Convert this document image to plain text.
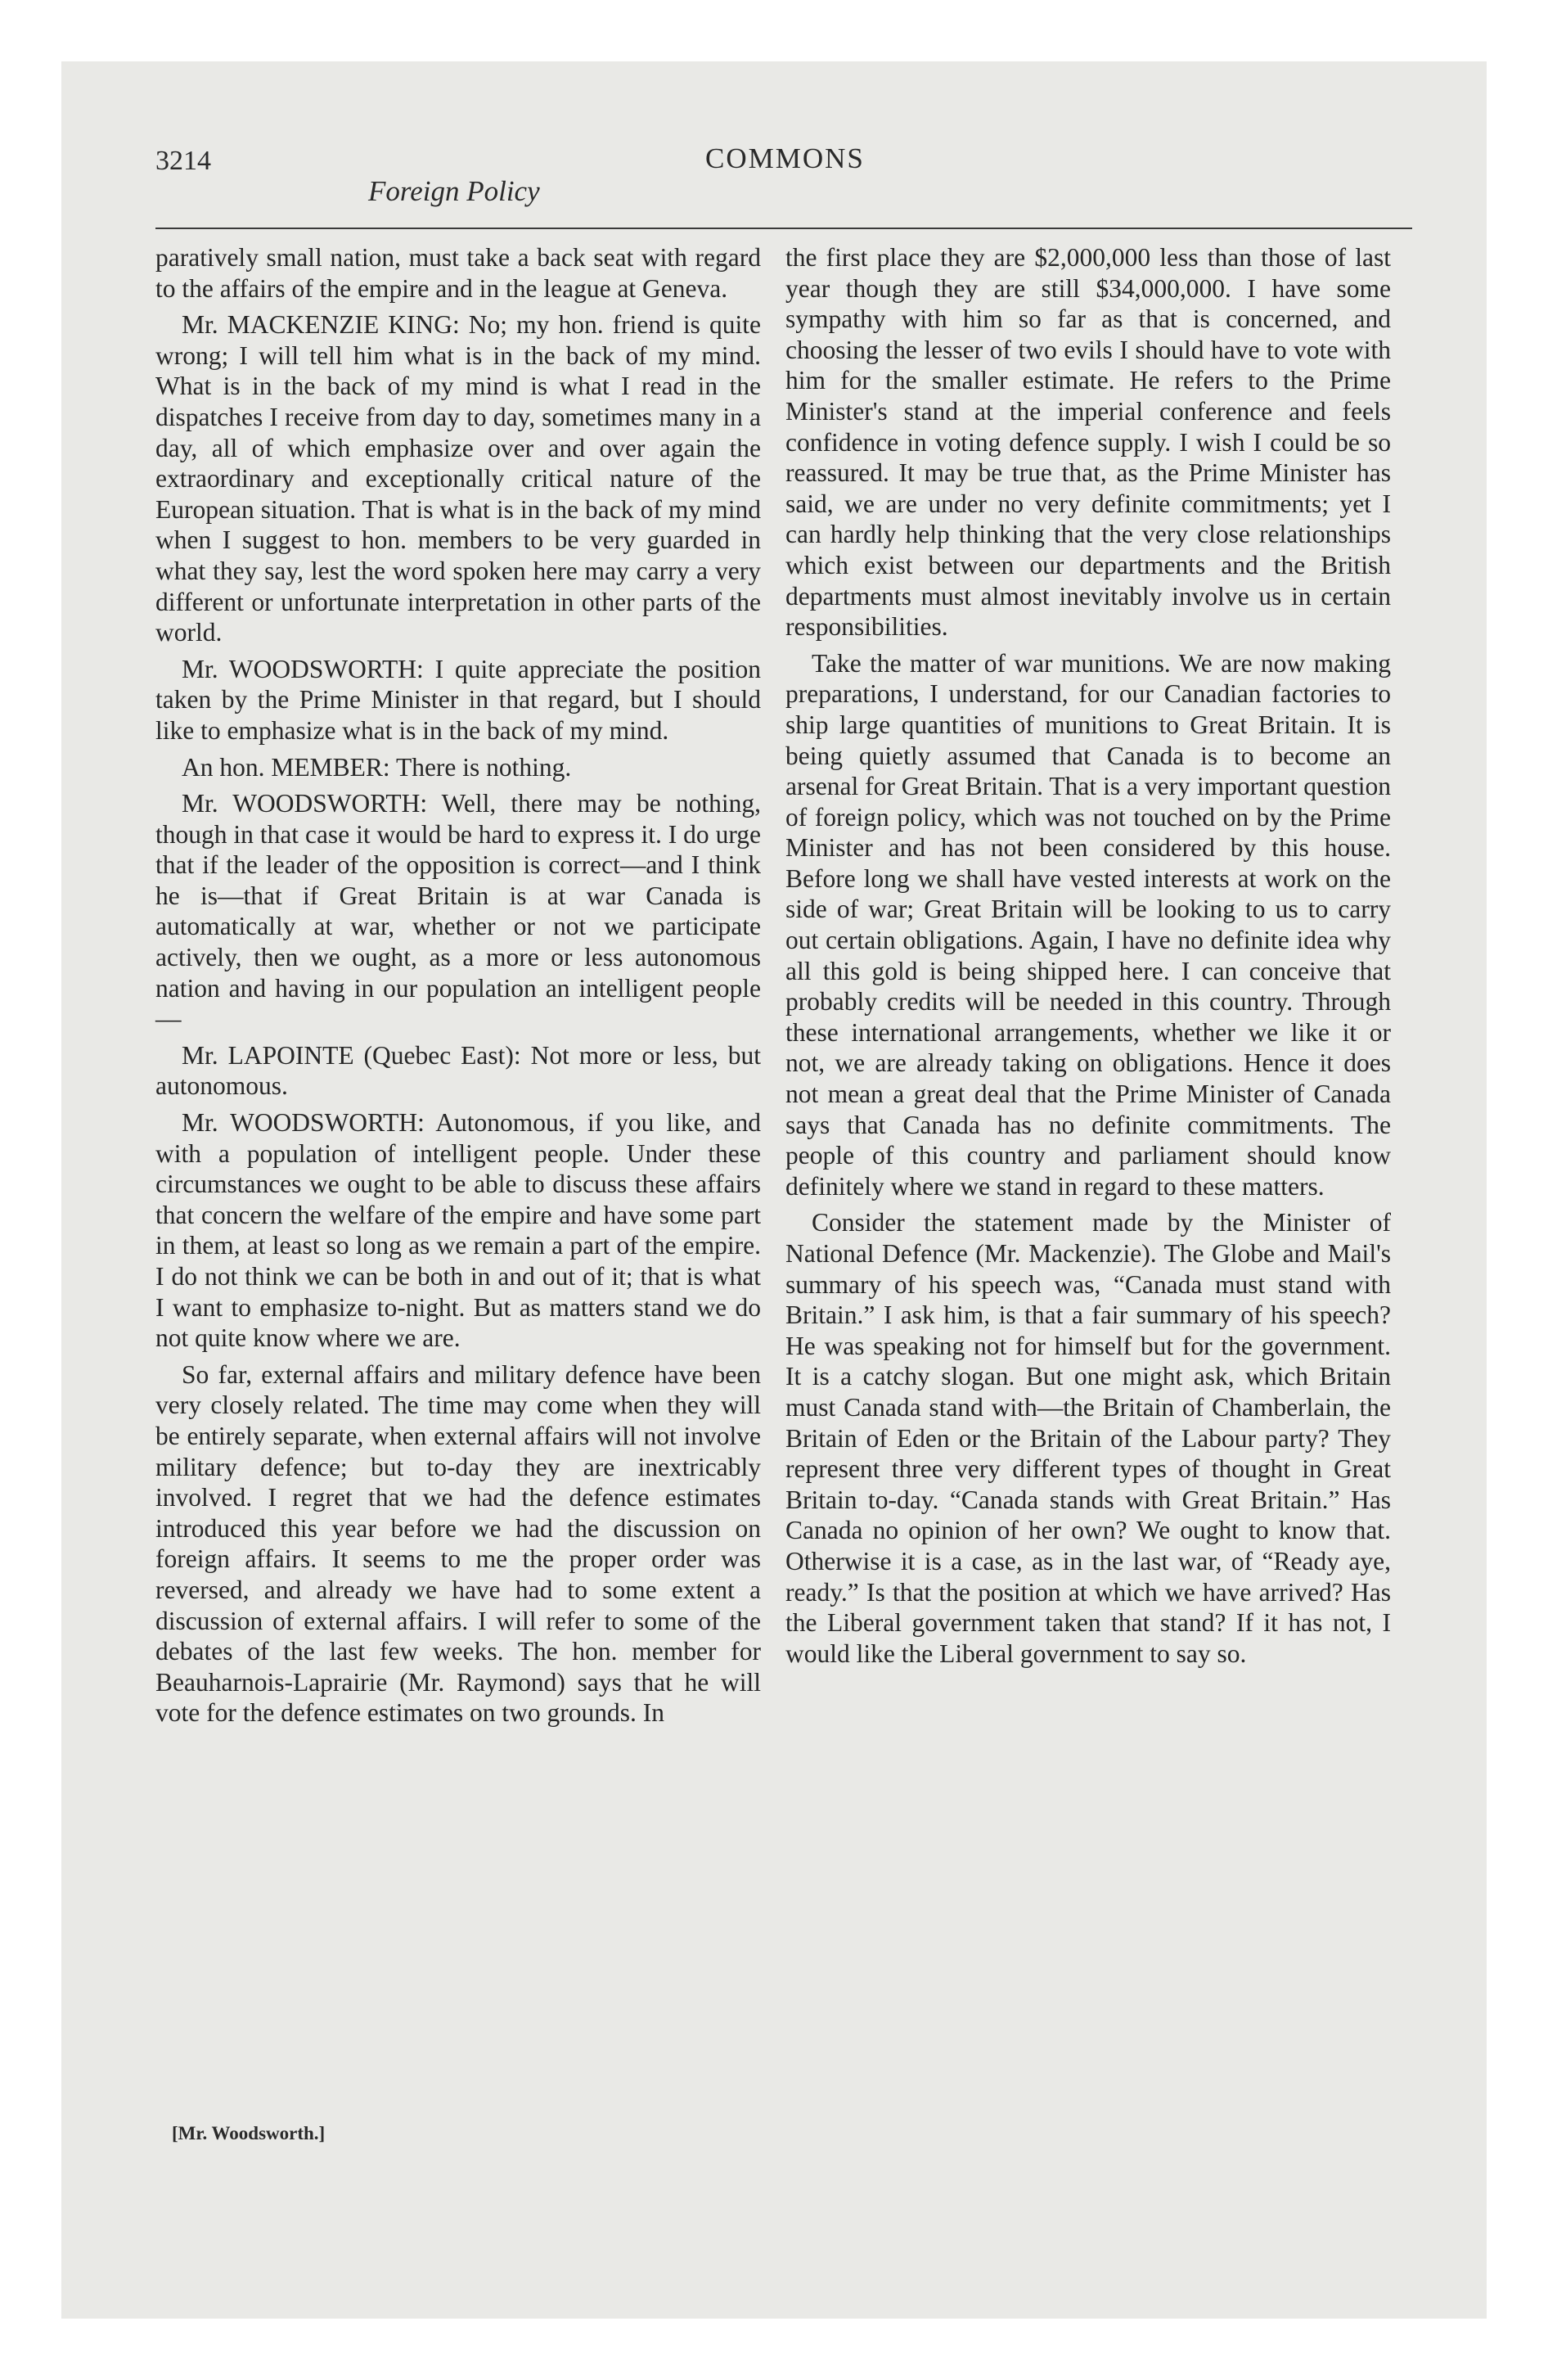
3214
Foreign Policy
COMMONS

paratively small nation, must take a back seat with regard to the affairs of the empire and in the league at Geneva.

Mr. MACKENZIE KING: No; my hon. friend is quite wrong; I will tell him what is in the back of my mind. What is in the back of my mind is what I read in the dispatches I receive from day to day, sometimes many in a day, all of which emphasize over and over again the extraordinary and exceptionally critical nature of the European situation. That is what is in the back of my mind when I suggest to hon. members to be very guarded in what they say, lest the word spoken here may carry a very different or unfortunate interpretation in other parts of the world.

Mr. WOODSWORTH: I quite appreciate the position taken by the Prime Minister in that regard, but I should like to emphasize what is in the back of my mind.

An hon. MEMBER: There is nothing.

Mr. WOODSWORTH: Well, there may be nothing, though in that case it would be hard to express it. I do urge that if the leader of the opposition is correct—and I think he is—that if Great Britain is at war Canada is automatically at war, whether or not we participate actively, then we ought, as a more or less autonomous nation and having in our population an intelligent people—

Mr. LAPOINTE (Quebec East): Not more or less, but autonomous.

Mr. WOODSWORTH: Autonomous, if you like, and with a population of intelligent people. Under these circumstances we ought to be able to discuss these affairs that concern the welfare of the empire and have some part in them, at least so long as we remain a part of the empire. I do not think we can be both in and out of it; that is what I want to emphasize to-night. But as matters stand we do not quite know where we are.

So far, external affairs and military defence have been very closely related. The time may come when they will be entirely separate, when external affairs will not involve military defence; but to-day they are inextricably involved. I regret that we had the defence estimates introduced this year before we had the discussion on foreign affairs. It seems to me the proper order was reversed, and already we have had to some extent a discussion of external affairs. I will refer to some of the debates of the last few weeks. The hon. member for Beauharnois-Laprairie (Mr. Raymond) says that he will vote for the defence estimates on two grounds. In

the first place they are $2,000,000 less than those of last year though they are still $34,000,000. I have some sympathy with him so far as that is concerned, and choosing the lesser of two evils I should have to vote with him for the smaller estimate. He refers to the Prime Minister's stand at the imperial conference and feels confidence in voting defence supply. I wish I could be so reassured. It may be true that, as the Prime Minister has said, we are under no very definite commitments; yet I can hardly help thinking that the very close relationships which exist between our departments and the British departments must almost inevitably involve us in certain responsibilities.

Take the matter of war munitions. We are now making preparations, I understand, for our Canadian factories to ship large quantities of munitions to Great Britain. It is being quietly assumed that Canada is to become an arsenal for Great Britain. That is a very important question of foreign policy, which was not touched on by the Prime Minister and has not been considered by this house. Before long we shall have vested interests at work on the side of war; Great Britain will be looking to us to carry out certain obligations. Again, I have no definite idea why all this gold is being shipped here. I can conceive that probably credits will be needed in this country. Through these international arrangements, whether we like it or not, we are already taking on obligations. Hence it does not mean a great deal that the Prime Minister of Canada says that Canada has no definite commitments. The people of this country and parliament should know definitely where we stand in regard to these matters.

Consider the statement made by the Minister of National Defence (Mr. Mackenzie). The Globe and Mail's summary of his speech was, “Canada must stand with Britain.” I ask him, is that a fair summary of his speech? He was speaking not for himself but for the government. It is a catchy slogan. But one might ask, which Britain must Canada stand with—the Britain of Chamberlain, the Britain of Eden or the Britain of the Labour party? They represent three very different types of thought in Great Britain to-day. “Canada stands with Great Britain.” Has Canada no opinion of her own? We ought to know that. Otherwise it is a case, as in the last war, of “Ready aye, ready.” Is that the position at which we have arrived? Has the Liberal government taken that stand? If it has not, I would like the Liberal government to say so.

[Mr. Woodsworth.]
